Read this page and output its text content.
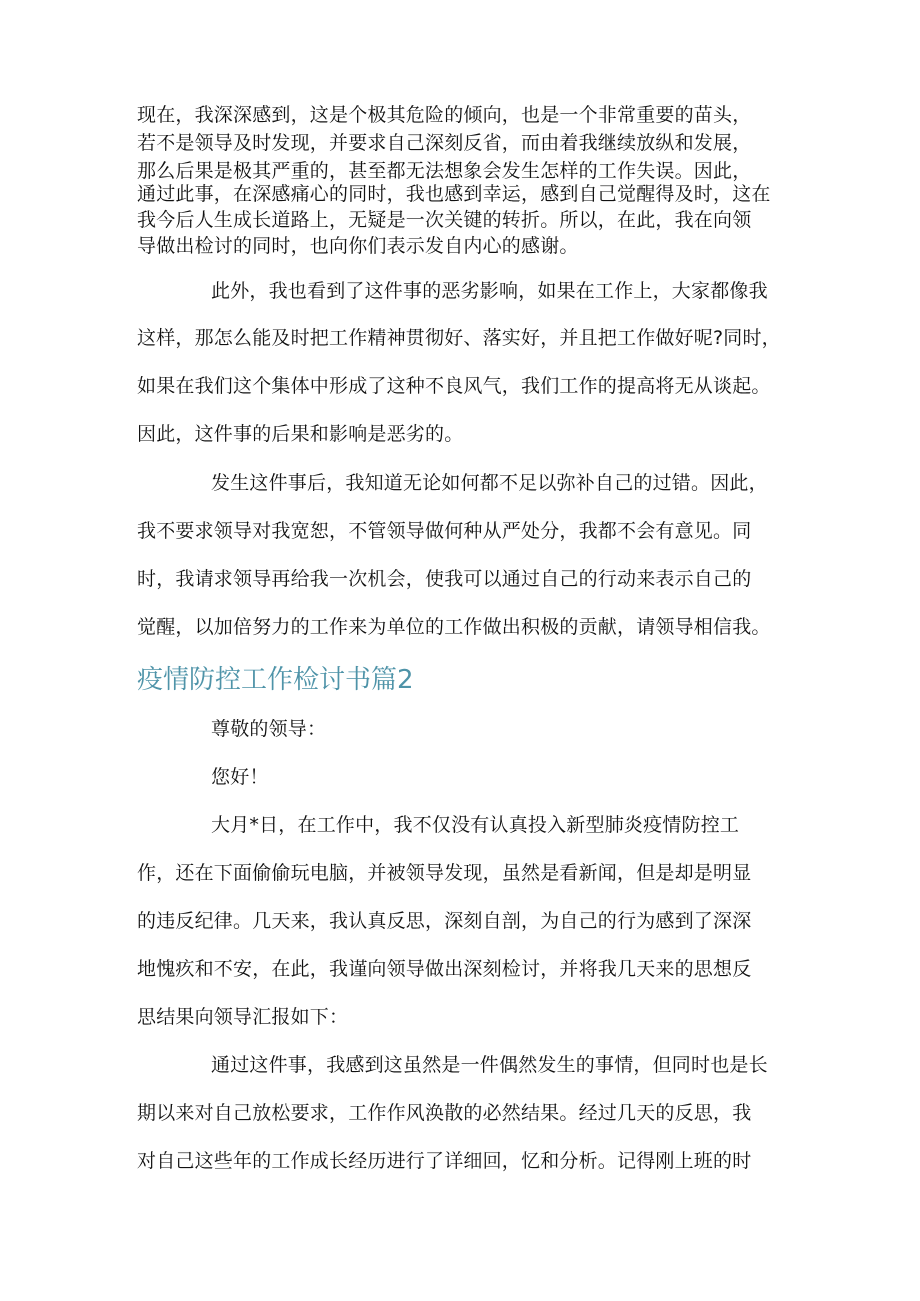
现在，我深深感到，这是个极其危险的倾向，也是一个非常重要的苗头，
若不是领导及时发现，并要求自己深刻反省，而由着我继续放纵和发展，
那么后果是极其严重的，甚至都无法想象会发生怎样的工作失误。因此，
通过此事，在深感痛心的同时，我也感到幸运，感到自己觉醒得及时，这在
我今后人生成长道路上，无疑是一次关键的转折。所以，在此，我在向领
导做出检讨的同时，也向你们表示发自内心的感谢。
此外，我也看到了这件事的恶劣影响，如果在工作上，大家都像我
这样，那怎么能及时把工作精神贯彻好、落实好，并且把工作做好呢?同时，
如果在我们这个集体中形成了这种不良风气，我们工作的提高将无从谈起。
因此，这件事的后果和影响是恶劣的。
发生这件事后，我知道无论如何都不足以弥补自己的过错。因此，
我不要求领导对我宽恕，不管领导做何种从严处分，我都不会有意见。同
时，我请求领导再给我一次机会，使我可以通过自己的行动来表示自己的
觉醒，以加倍努力的工作来为单位的工作做出积极的贡献，请领导相信我。
疫情防控工作检讨书篇2
尊敬的领导：
您好！
大月*日，在工作中，我不仅没有认真投入新型肺炎疫情防控工
作，还在下面偷偷玩电脑，并被领导发现，虽然是看新闻，但是却是明显
的违反纪律。几天来，我认真反思，深刻自剖，为自己的行为感到了深深
地愧疚和不安，在此，我谨向领导做出深刻检讨，并将我几天来的思想反
思结果向领导汇报如下：
通过这件事，我感到这虽然是一件偶然发生的事情，但同时也是长
期以来对自己放松要求，工作作风涣散的必然结果。经过几天的反思，我
对自己这些年的工作成长经历进行了详细回，忆和分析。记得刚上班的时
